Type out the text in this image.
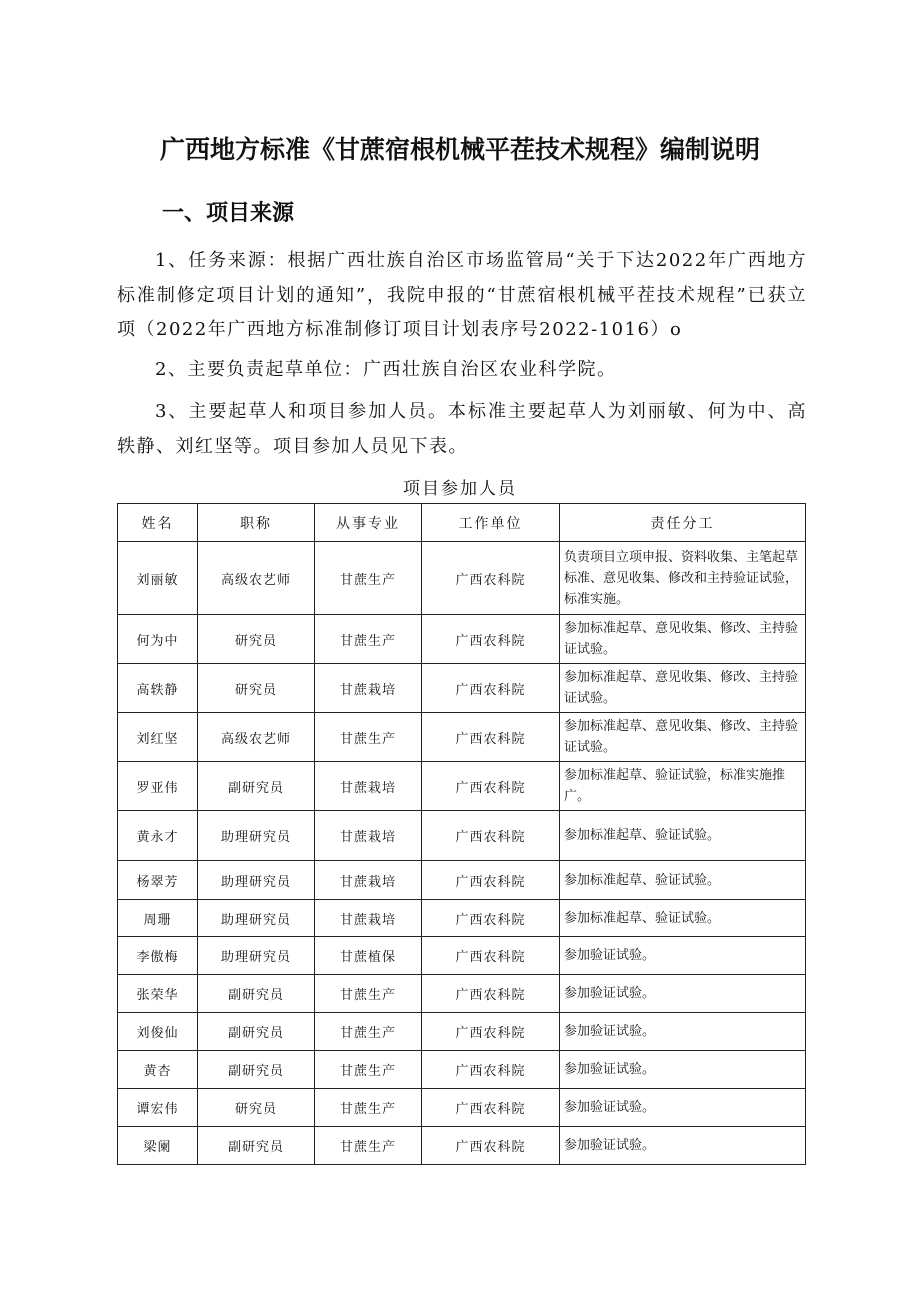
广西地方标准《甘蔗宿根机械平茬技术规程》编制说明
一、项目来源
1、任务来源：根据广西壮族自治区市场监管局“关于下达2022年广西地方标准制修定项目计划的通知”，我院申报的“甘蔗宿根机械平茬技术规程”已获立项（2022年广西地方标准制修订项目计划表序号2022-1016）o
2、主要负责起草单位：广西壮族自治区农业科学院。
3、主要起草人和项目参加人员。本标准主要起草人为刘丽敏、何为中、高轶静、刘红坚等。项目参加人员见下表。
项目参加人员
姓名	职称	从事专业	工作单位	责任分工
刘丽敏	高级农艺师	甘蔗生产	广西农科院	负责项目立项申报、资料收集、主笔起草标准、意见收集、修改和主持验证试验，标准实施。
何为中	研究员	甘蔗生产	广西农科院	参加标准起草、意见收集、修改、主持验证试验。
高轶静	研究员	甘蔗栽培	广西农科院	参加标准起草、意见收集、修改、主持验证试验。
刘红坚	高级农艺师	甘蔗生产	广西农科院	参加标准起草、意见收集、修改、主持验证试验。
罗亚伟	副研究员	甘蔗栽培	广西农科院	参加标准起草、验证试验，标准实施推广。
黄永才	助理研究员	甘蔗栽培	广西农科院	参加标准起草、验证试验。
杨翠芳	助理研究员	甘蔗栽培	广西农科院	参加标准起草、验证试验。
周珊	助理研究员	甘蔗栽培	广西农科院	参加标准起草、验证试验。
李傲梅	助理研究员	甘蔗植保	广西农科院	参加验证试验。
张荣华	副研究员	甘蔗生产	广西农科院	参加验证试验。
刘俊仙	副研究员	甘蔗生产	广西农科院	参加验证试验。
黄杏	副研究员	甘蔗生产	广西农科院	参加验证试验。
谭宏伟	研究员	甘蔗生产	广西农科院	参加验证试验。
梁阑	副研究员	甘蔗生产	广西农科院	参加验证试验。
